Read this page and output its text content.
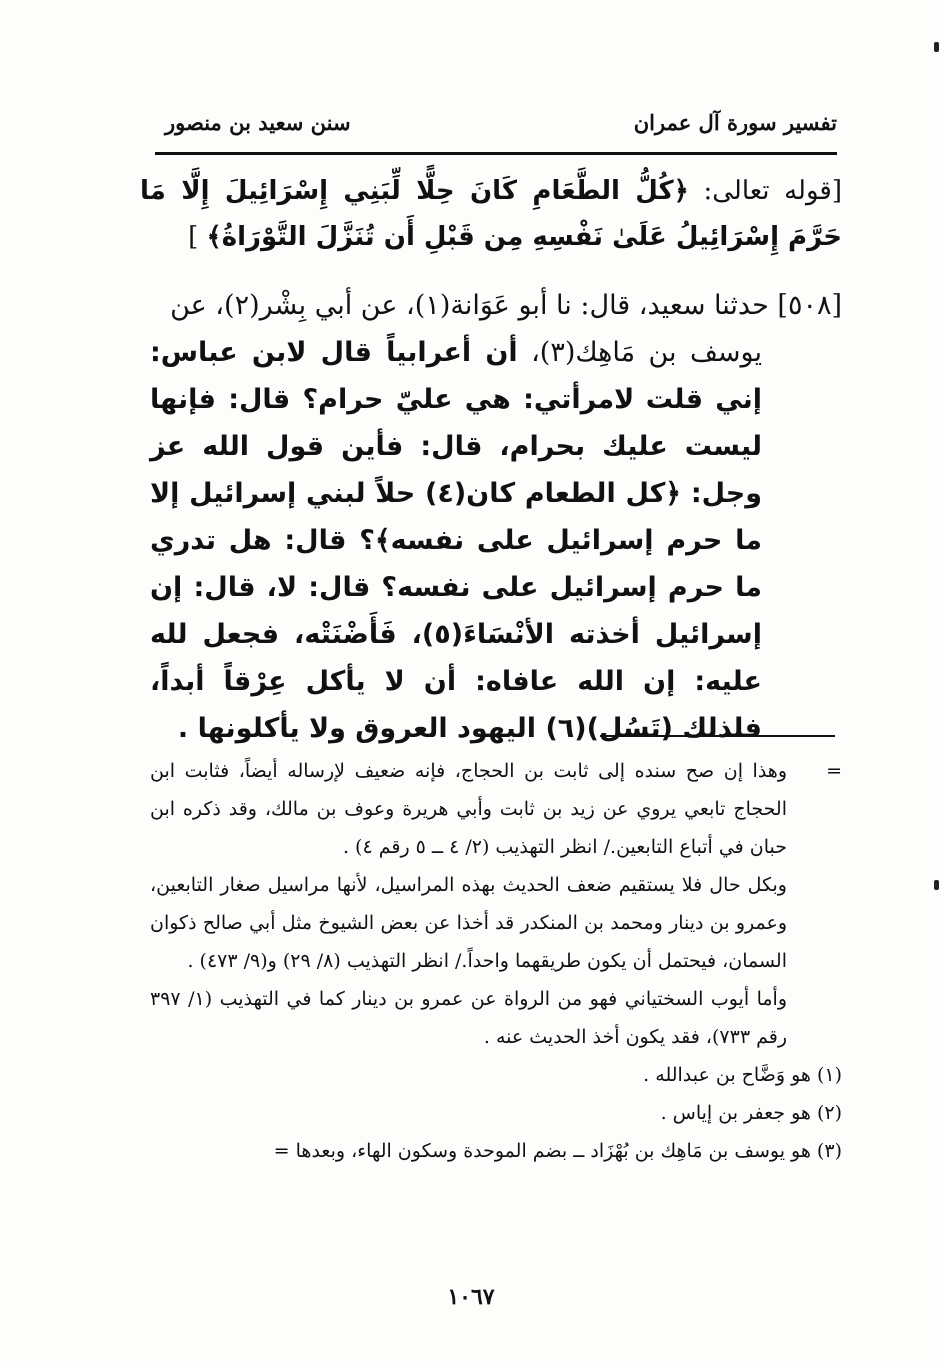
تفسير سورة آل عمران
سنن سعيد بن منصور
[قوله تعالى: ﴿كُلُّ الطَّعَامِ كَانَ حِلًّا لِّبَنِي إِسْرَائِيلَ إِلَّا مَا حَرَّمَ إِسْرَائِيلُ عَلَىٰ نَفْسِهِ مِن قَبْلِ أَن تُنَزَّلَ التَّوْرَاةُ﴾ ]
[٥٠٨] حدثنا سعيد، قال: نا أبو عَوَانة(١)، عن أبي بِشْر(٢)، عن
يوسف بن مَاهِك(٣)، أن أعرابياً قال لابن عباس: إني قلت لامرأتي: هي عليّ حرام؟ قال: فإنها ليست عليك بحرام، قال: فأين قول الله عز وجل: ﴿كل الطعام كان(٤) حلاً لبني إسرائيل إلا ما حرم إسرائيل على نفسه﴾؟ قال: هل تدري ما حرم إسرائيل على نفسه؟ قال: لا، قال: إن إسرائيل أخذته الأنْسَاءَ(٥)، فَأَضْنَتْه، فجعل لله عليه: إن الله عافاه: أن لا يأكل عِرْقاً أبداً، فلذلك (تَسُل)(٦) اليهود العروق ولا يأكلونها .
=

وهذا إن صح سنده إلى ثابت بن الحجاج، فإنه ضعيف لإرساله أيضاً، فثابت ابن الحجاج تابعي يروي عن زيد بن ثابت وأبي هريرة وعوف بن مالك، وقد ذكره ابن حبان في أتباع التابعين./ انظر التهذيب (٢/ ٤ ــ ٥ رقم ٤) .

وبكل حال فلا يستقيم ضعف الحديث بهذه المراسيل، لأنها مراسيل صغار التابعين، وعمرو بن دينار ومحمد بن المنكدر قد أخذا عن بعض الشيوخ مثل أبي صالح ذكوان السمان، فيحتمل أن يكون طريقهما واحداً./ انظر التهذيب (٨/ ٢٩) و(٩/ ٤٧٣) .

وأما أيوب السختياني فهو من الرواة عن عمرو بن دينار كما في التهذيب (١/ ٣٩٧ رقم ٧٣٣)، فقد يكون أخذ الحديث عنه .

(١) هو وَضَّاح بن عبدالله .

(٢) هو جعفر بن إياس .

(٣) هو يوسف بن مَاهِك بن بُهْزَاد ــ بضم الموحدة وسكون الهاء، وبعدها =

١٠٦٧
